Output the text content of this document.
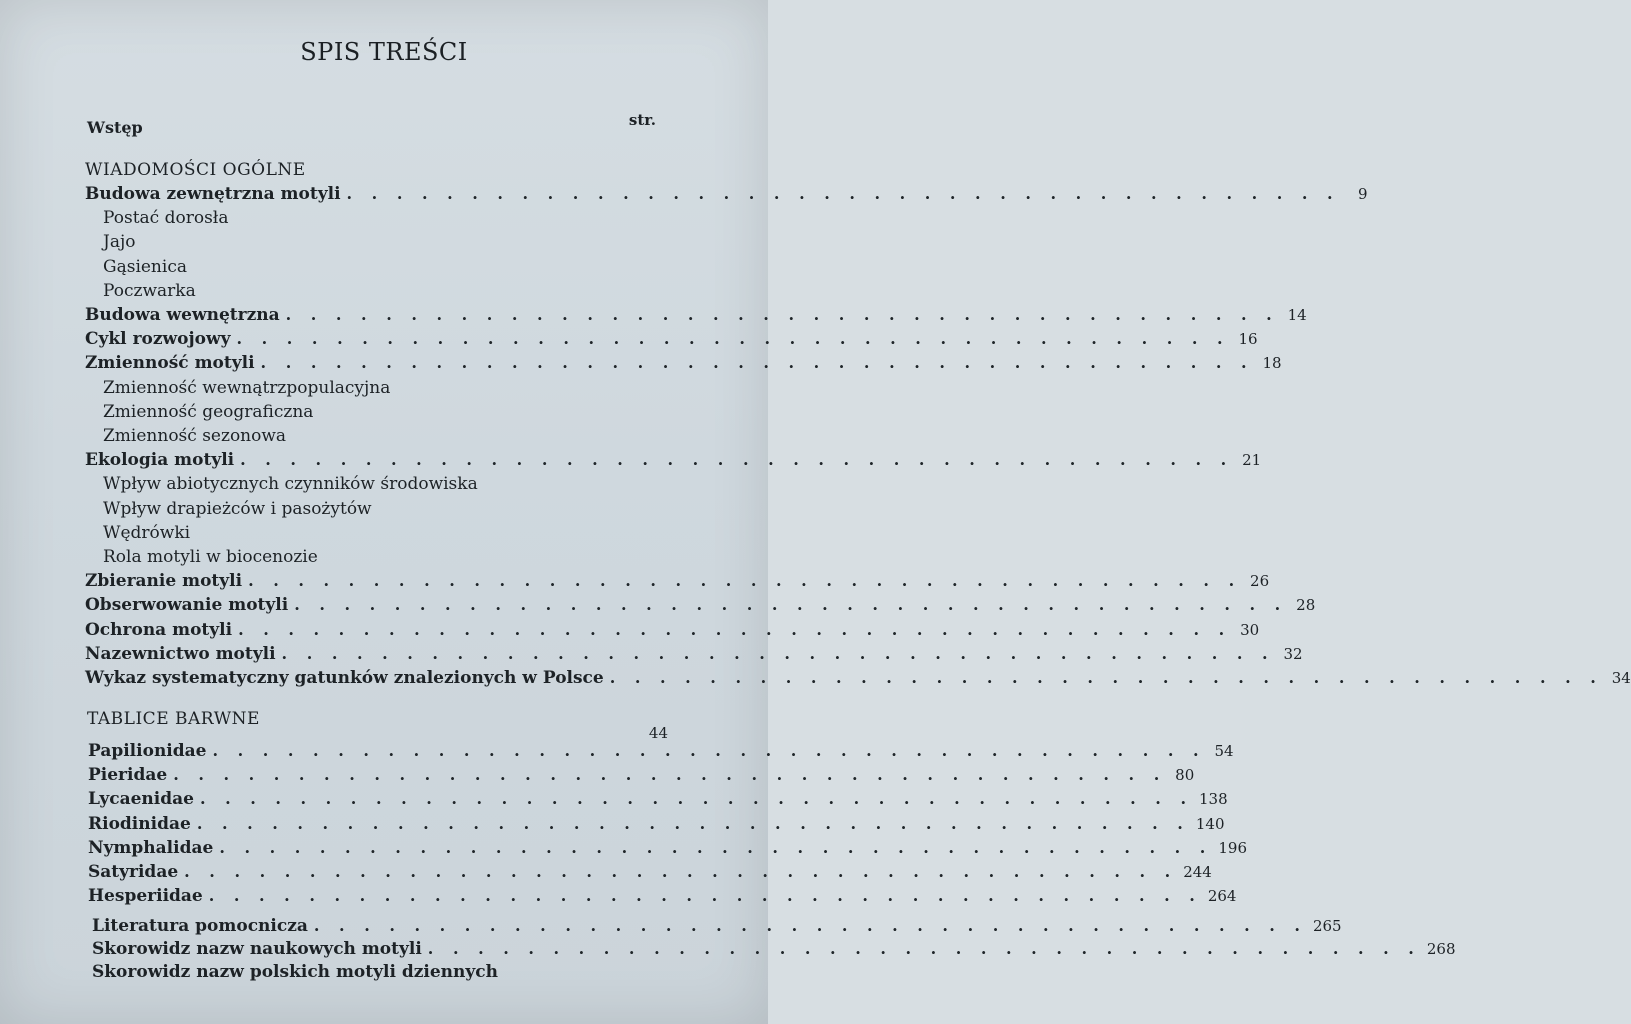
SPIS TREŚCI
str.
Wstęp
WIADOMOŚCI OGÓLNE
Budowa zewnętrzna motyli . . . . . . . . . . . . . . . . . . . . . . . . . . . . . . . . . . . . . . . .	9
Postać dorosła
Jajo
Gąsienica
Poczwarka
Budowa wewnętrzna . . . . . . . . . . . . . . . . . . . . . . . . . . . . . . . . . . . . . . . . 14
Cykl rozwojowy . . . . . . . . . . . . . . . . . . . . . . . . . . . . . . . . . . . . . . . . 16
Zmienność motyli . . . . . . . . . . . . . . . . . . . . . . . . . . . . . . . . . . . . . . . . 18
Zmienność wewnątrzpopulacyjna
Zmienność geograficzna
Zmienność sezonowa
Ekologia motyli . . . . . . . . . . . . . . . . . . . . . . . . . . . . . . . . . . . . . . . . 21
Wpływ abiotycznych czynników środowiska
Wpływ drapieżców i pasożytów
Wędrówki
Rola motyli w biocenozie
Zbieranie motyli . . . . . . . . . . . . . . . . . . . . . . . . . . . . . . . . . . . . . . . . 26
Obserwowanie motyli . . . . . . . . . . . . . . . . . . . . . . . . . . . . . . . . . . . . . . . . 28
Ochrona motyli . . . . . . . . . . . . . . . . . . . . . . . . . . . . . . . . . . . . . . . . 30
Nazewnictwo motyli . . . . . . . . . . . . . . . . . . . . . . . . . . . . . . . . . . . . . . . . 32
Wykaz systematyczny gatunków znalezionych w Polsce . . . . . . . . . . . . . . . . . . . . . . . . . . . . . . . . . . . . . . . . 34
TABLICE BARWNE
44
Papilionidae . . . . . . . . . . . . . . . . . . . . . . . . . . . . . . . . . . . . . . . . 54
Pieridae . . . . . . . . . . . . . . . . . . . . . . . . . . . . . . . . . . . . . . . . 80
Lycaenidae . . . . . . . . . . . . . . . . . . . . . . . . . . . . . . . . . . . . . . . . 138
Riodinidae . . . . . . . . . . . . . . . . . . . . . . . . . . . . . . . . . . . . . . . . 140
Nymphalidae . . . . . . . . . . . . . . . . . . . . . . . . . . . . . . . . . . . . . . . . 196
Satyridae . . . . . . . . . . . . . . . . . . . . . . . . . . . . . . . . . . . . . . . . 244
Hesperiidae . . . . . . . . . . . . . . . . . . . . . . . . . . . . . . . . . . . . . . . . 264
Literatura pomocnicza . . . . . . . . . . . . . . . . . . . . . . . . . . . . . . . . . . . . . . . . 265
Skorowidz nazw naukowych motyli . . . . . . . . . . . . . . . . . . . . . . . . . . . . . . . . . . . . . . . . 268
Skorowidz nazw polskich motyli dziennych
